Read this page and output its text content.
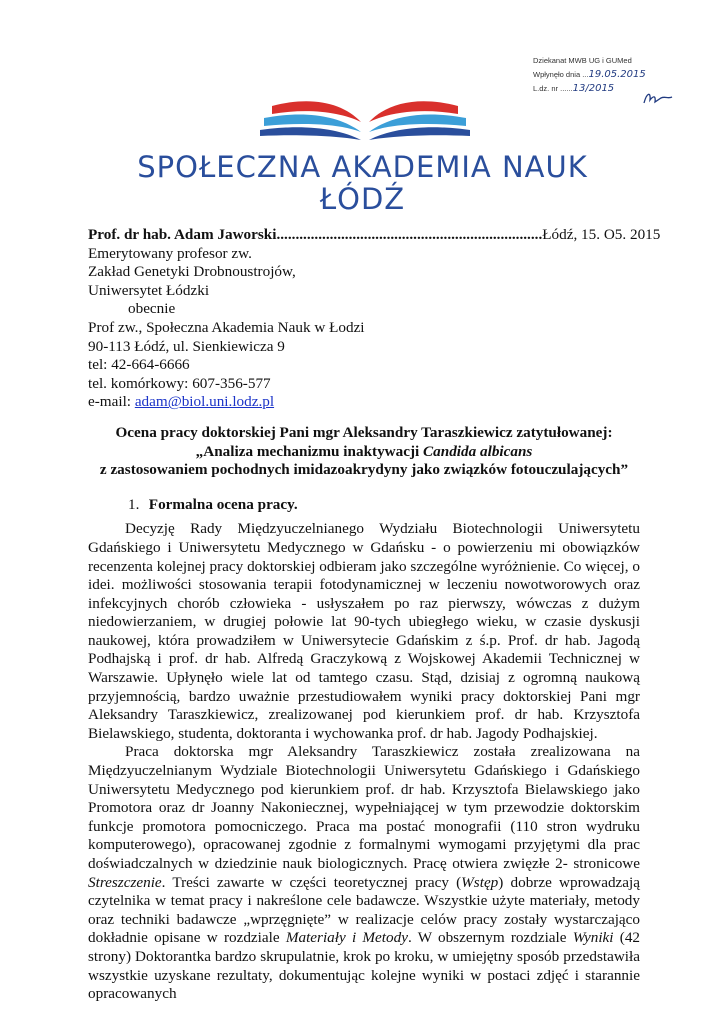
Dziekanat MWB UG i GUMed
Wpłynęło dnia ...19.05.2015
L.dz. nr ......13/2015
SPOŁECZNA AKADEMIA NAUK
ŁÓDŹ
Prof. dr hab. Adam Jaworski...................................................................... Łódź, 15. O5. 2015
Emerytowany profesor zw.
Zakład Genetyki Drobnoustrojów,
Uniwersytet Łódzki
obecnie
Prof zw., Społeczna Akademia Nauk w Łodzi
90-113 Łódź, ul. Sienkiewicza 9
tel: 42-664-6666
tel. komórkowy: 607-356-577
e-mail: adam@biol.uni.lodz.pl
Ocena pracy doktorskiej Pani mgr Aleksandry Taraszkiewicz zatytułowanej:
„Analiza mechanizmu inaktywacji Candida albicans
z zastosowaniem pochodnych imidazoakrydyny jako związków fotouczulających”
1. Formalna ocena pracy.

Decyzję Rady Międzyuczelnianego Wydziału Biotechnologii Uniwersytetu Gdańskiego i Uniwersytetu Medycznego w Gdańsku - o powierzeniu mi obowiązków recenzenta kolejnej pracy doktorskiej odbieram jako szczególne wyróżnienie. Co więcej, o idei. możliwości stosowania terapii fotodynamicznej w leczeniu nowotworowych oraz infekcyjnych chorób człowieka - usłyszałem po raz pierwszy, wówczas z dużym niedowierzaniem, w drugiej połowie lat 90-tych ubiegłego wieku, w czasie dyskusji naukowej, która prowadziłem w Uniwersytecie Gdańskim z ś.p. Prof. dr hab. Jagodą Podhajską i prof. dr hab. Alfredą Graczykową z Wojskowej Akademii Technicznej w Warszawie. Upłynęło wiele lat od tamtego czasu. Stąd, dzisiaj z ogromną naukową przyjemnością, bardzo uważnie przestudiowałem wyniki pracy doktorskiej Pani mgr Aleksandry Taraszkiewicz, zrealizowanej pod kierunkiem prof. dr hab. Krzysztofa Bielawskiego, studenta, doktoranta i wychowanka prof. dr hab. Jagody Podhajskiej.

Praca doktorska mgr Aleksandry Taraszkiewicz została zrealizowana na Międzyuczelnianym Wydziale Biotechnologii Uniwersytetu Gdańskiego i Gdańskiego Uniwersytetu Medycznego pod kierunkiem prof. dr hab. Krzysztofa Bielawskiego jako Promotora oraz dr Joanny Nakoniecznej, wypełniającej w tym przewodzie doktorskim funkcje promotora pomocniczego. Praca ma postać monografii (110 stron wydruku komputerowego), opracowanej zgodnie z formalnymi wymogami przyjętymi dla prac doświadczalnych w dziedzinie nauk biologicznych. Pracę otwiera zwięzłe 2- stronicowe Streszczenie. Treści zawarte w części teoretycznej pracy (Wstęp) dobrze wprowadzają czytelnika w temat pracy i nakreślone cele badawcze. Wszystkie użyte materiały, metody oraz techniki badawcze „wprzęgnięte” w realizacje celów pracy zostały wystarczająco dokładnie opisane w rozdziale Materiały i Metody. W obszernym rozdziale Wyniki (42 strony) Doktorantka bardzo skrupulatnie, krok po kroku, w umiejętny sposób przedstawiła wszystkie uzyskane rezultaty, dokumentując kolejne wyniki w postaci zdjęć i starannie opracowanych
